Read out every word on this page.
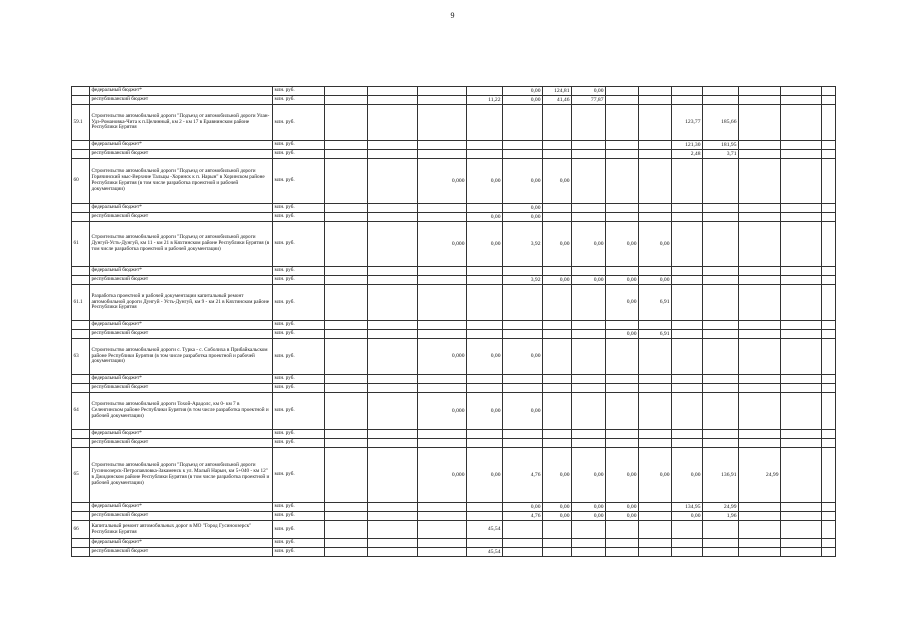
9
	федеральный бюджет*	млн. руб.					0,00	124,81	0,00							
	республиканский бюджет	млн. руб.				11,22	0,00	41,46	77,87							
59.1	Строительство автомобильной дороги "Подъезд от автомобильной дороги Улан-Удэ-Романовка-Чита к п.Целинный, км 2 - км 17 в Еравнинском районе Республики Бурятия	млн. руб.										123,77	185,66			
	федеральный бюджет*	млн. руб.										121,30	181,95			
	республиканский бюджет	млн. руб.										2,48	3,71			
60	Строительство автомобильной дороги "Подъезд от автомобильной дороги Горячинский мыс-Верхние Тальцы -Хоринск к п. Нарын" в Хоринском районе Республики Бурятия (в том числе разработка проектной и рабочей документации)	млн. руб.			0,000	0,00	0,00	0,00								
	федеральный бюджет*	млн. руб.					0,00									
	республиканский бюджет	млн. руб.				0,00	0,00									
61	Строительство автомобильной дороги "Подъезд от автомобильной дороги Дунгуй-Усть-Дунгуй, км 11 - км 21 в Кяхтинском районе Республики Бурятия (в том числе разработка проектной и рабочей документации)	млн. руб.			0,000	0,00	3,92	0,00	0,00	0,00	0,00					
	федеральный бюджет*	млн. руб.														
	республиканский бюджет	млн. руб.					3,92	0,00	0,00	0,00	0,00					
61.1	Разработка проектной и рабочей документации капитальный ремонт автомобильной дороги Дунгуй - Усть-Дунгуй, км 9 - км 21 в Кяхтинском районе Республики Бурятия	млн. руб.								0,00	6,91					
	федеральный бюджет*	млн. руб.														
	республиканский бюджет	млн. руб.								0,00	6,91					
63	Строительство автомобильной дороги с. Турка - с. Соболиха в Прибайкальском районе Республики Бурятия (в том числе разработка проектной и рабочей документации)	млн. руб.			0,000	0,00	0,00									
	федеральный бюджет*	млн. руб.														
	республиканский бюджет	млн. руб.														
64	Строительство автомобильной дороги Тохой-Арадолс, км 0- км 7 в Селенгинском районе Республики Бурятия (в том числе разработка проектной и рабочей документации)	млн. руб.			0,000	0,00	0,00									
	федеральный бюджет*	млн. руб.														
	республиканский бюджет	млн. руб.														
65	Строительство автомобильной дороги "Подъезд от автомобильной дороги Гусиноозерск-Петропавловка-Закаменск к ул. Малый Нарын, км 5+040 - км 12" в Джидинском районе Республики Бурятия (в том числе разработка проектной и рабочей документации)	млн. руб.			0,000	0,00	4,76	0,00	0,00	0,00	0,00	0,00	136,91	24,99		
	федеральный бюджет*	млн. руб.					0,00	0,00	0,00	0,00		134,95	24,99			
	республиканский бюджет	млн. руб.					4,76	0,00	0,00	0,00		0,00	1,96			
66	Капитальный ремонт автомобильных дорог в МО "Город Гусиноозерск" Республики Бурятия	млн. руб.				45,54										
	федеральный бюджет*	млн. руб.														
	республиканский бюджет	млн. руб.				45,54										
